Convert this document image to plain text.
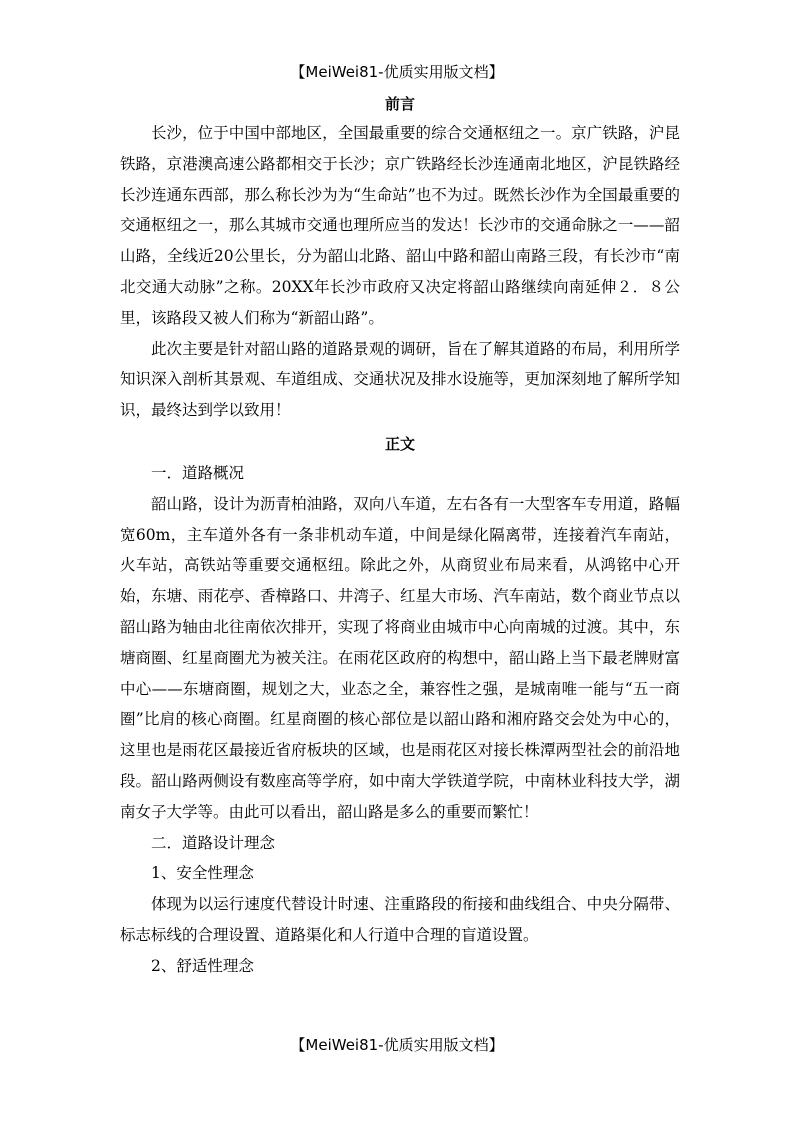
【MeiWei81-优质实用版文档】
前言

长沙，位于中国中部地区，全国最重要的综合交通枢纽之一。京广铁路，沪昆铁路，京港澳高速公路都相交于长沙；京广铁路经长沙连通南北地区，沪昆铁路经长沙连通东西部，那么称长沙为为“生命站”也不为过。既然长沙作为全国最重要的交通枢纽之一，那么其城市交通也理所应当的发达！长沙市的交通命脉之一——韶山路，全线近20公里长，分为韶山北路、韶山中路和韶山南路三段，有长沙市“南北交通大动脉”之称。20XX年长沙市政府又决定将韶山路继续向南延伸２．８公里，该路段又被人们称为“新韶山路”。

此次主要是针对韶山路的道路景观的调研，旨在了解其道路的布局，利用所学知识深入剖析其景观、车道组成、交通状况及排水设施等，更加深刻地了解所学知识，最终达到学以致用！

正文

一．道路概况

韶山路，设计为沥青柏油路，双向八车道，左右各有一大型客车专用道，路幅宽60m，主车道外各有一条非机动车道，中间是绿化隔离带，连接着汽车南站，火车站，高铁站等重要交通枢纽。除此之外，从商贸业布局来看，从鸿铭中心开始，东塘、雨花亭、香樟路口、井湾子、红星大市场、汽车南站，数个商业节点以韶山路为轴由北往南依次排开，实现了将商业由城市中心向南城的过渡。其中，东塘商圈、红星商圈尤为被关注。在雨花区政府的构想中，韶山路上当下最老牌财富中心——东塘商圈，规划之大，业态之全，兼容性之强，是城南唯一能与“五一商圈”比肩的核心商圈。红星商圈的核心部位是以韶山路和湘府路交会处为中心的，这里也是雨花区最接近省府板块的区域，也是雨花区对接长株潭两型社会的前沿地段。韶山路两侧设有数座高等学府，如中南大学铁道学院，中南林业科技大学，湖南女子大学等。由此可以看出，韶山路是多么的重要而繁忙！

二．道路设计理念

1、安全性理念

体现为以运行速度代替设计时速、注重路段的衔接和曲线组合、中央分隔带、标志标线的合理设置、道路渠化和人行道中合理的盲道设置。

2、舒适性理念

【MeiWei81-优质实用版文档】
